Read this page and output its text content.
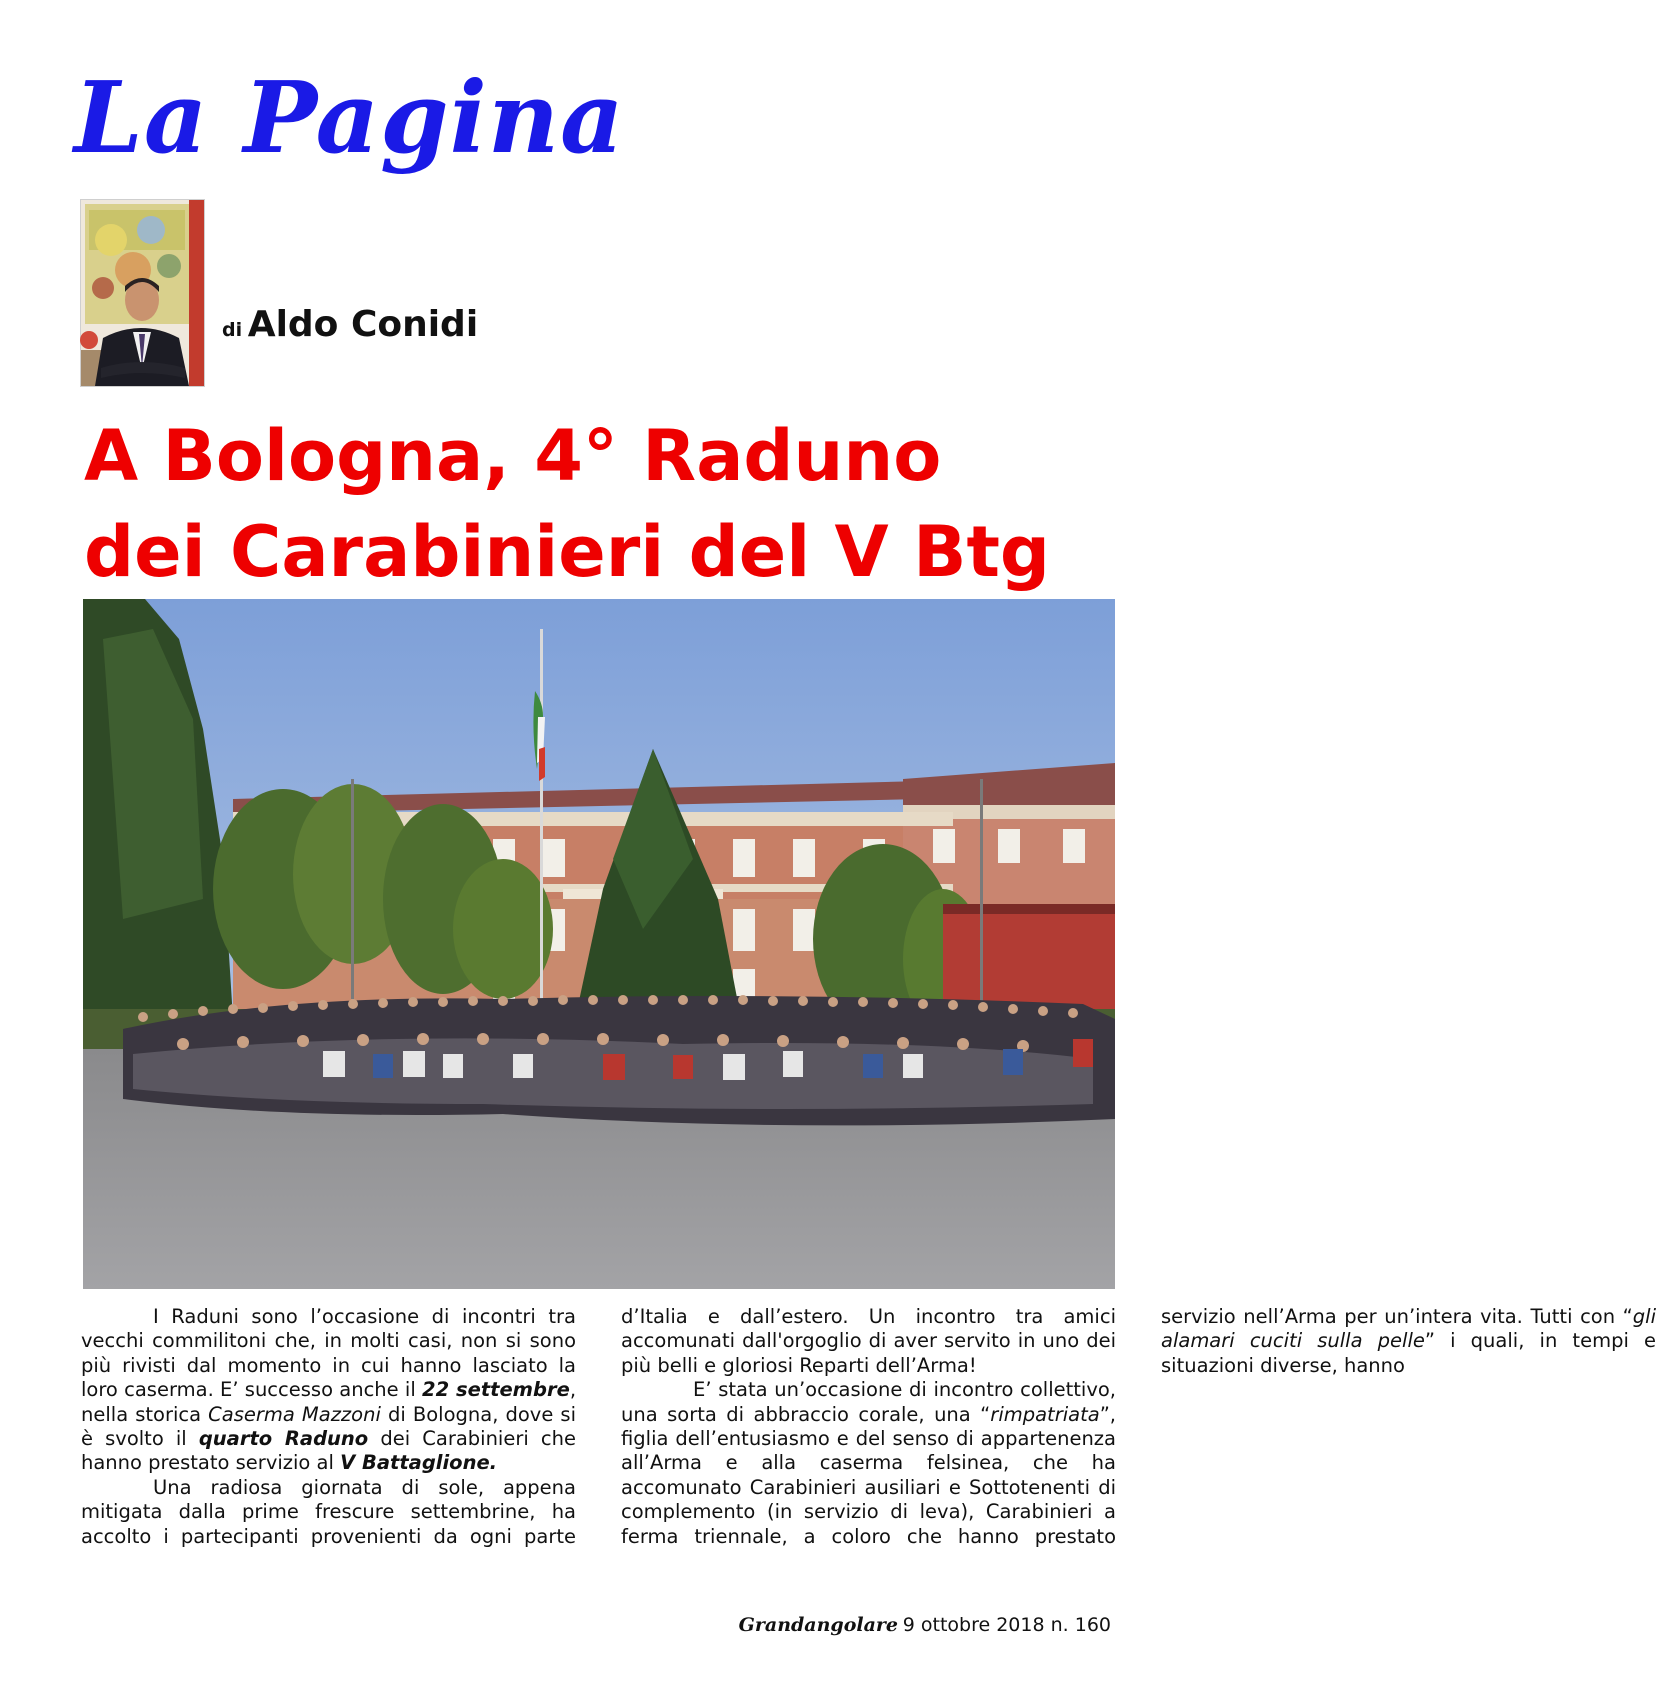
La Pagina
di Aldo Conidi
A Bologna, 4° Raduno
dei Carabinieri del V Btg

I Raduni sono l’occasione di incontri tra vecchi commilitoni che, in molti casi, non si sono più rivisti dal momento in cui hanno lasciato la loro caserma. E’ successo anche il 22 settembre, nella storica Caserma Mazzoni di Bologna, dove si è svolto il quarto Raduno dei Carabinieri che hanno prestato servizio al V Battaglione.

Una radiosa giornata di sole, appena mitigata dalla prime frescure settembrine, ha accolto i partecipanti provenienti da ogni parte d’Italia e dall’estero. Un incontro tra amici accomunati dall'orgoglio di aver servito in uno dei più belli e gloriosi Reparti dell’Arma!

E’ stata un’occasione di incontro collettivo, una sorta di abbraccio corale, una “rimpatriata”, figlia dell’entusiasmo e del senso di appartenenza all’Arma e alla caserma felsinea, che ha accomunato Carabinieri ausiliari e Sottotenenti di complemento (in servizio di leva), Carabinieri a ferma triennale, a coloro che hanno prestato servizio nell’Arma per un’intera vita. Tutti con “gli alamari cuciti sulla pelle” i quali, in tempi e situazioni diverse, hanno

Grandangolare 9 ottobre 2018 n. 160
